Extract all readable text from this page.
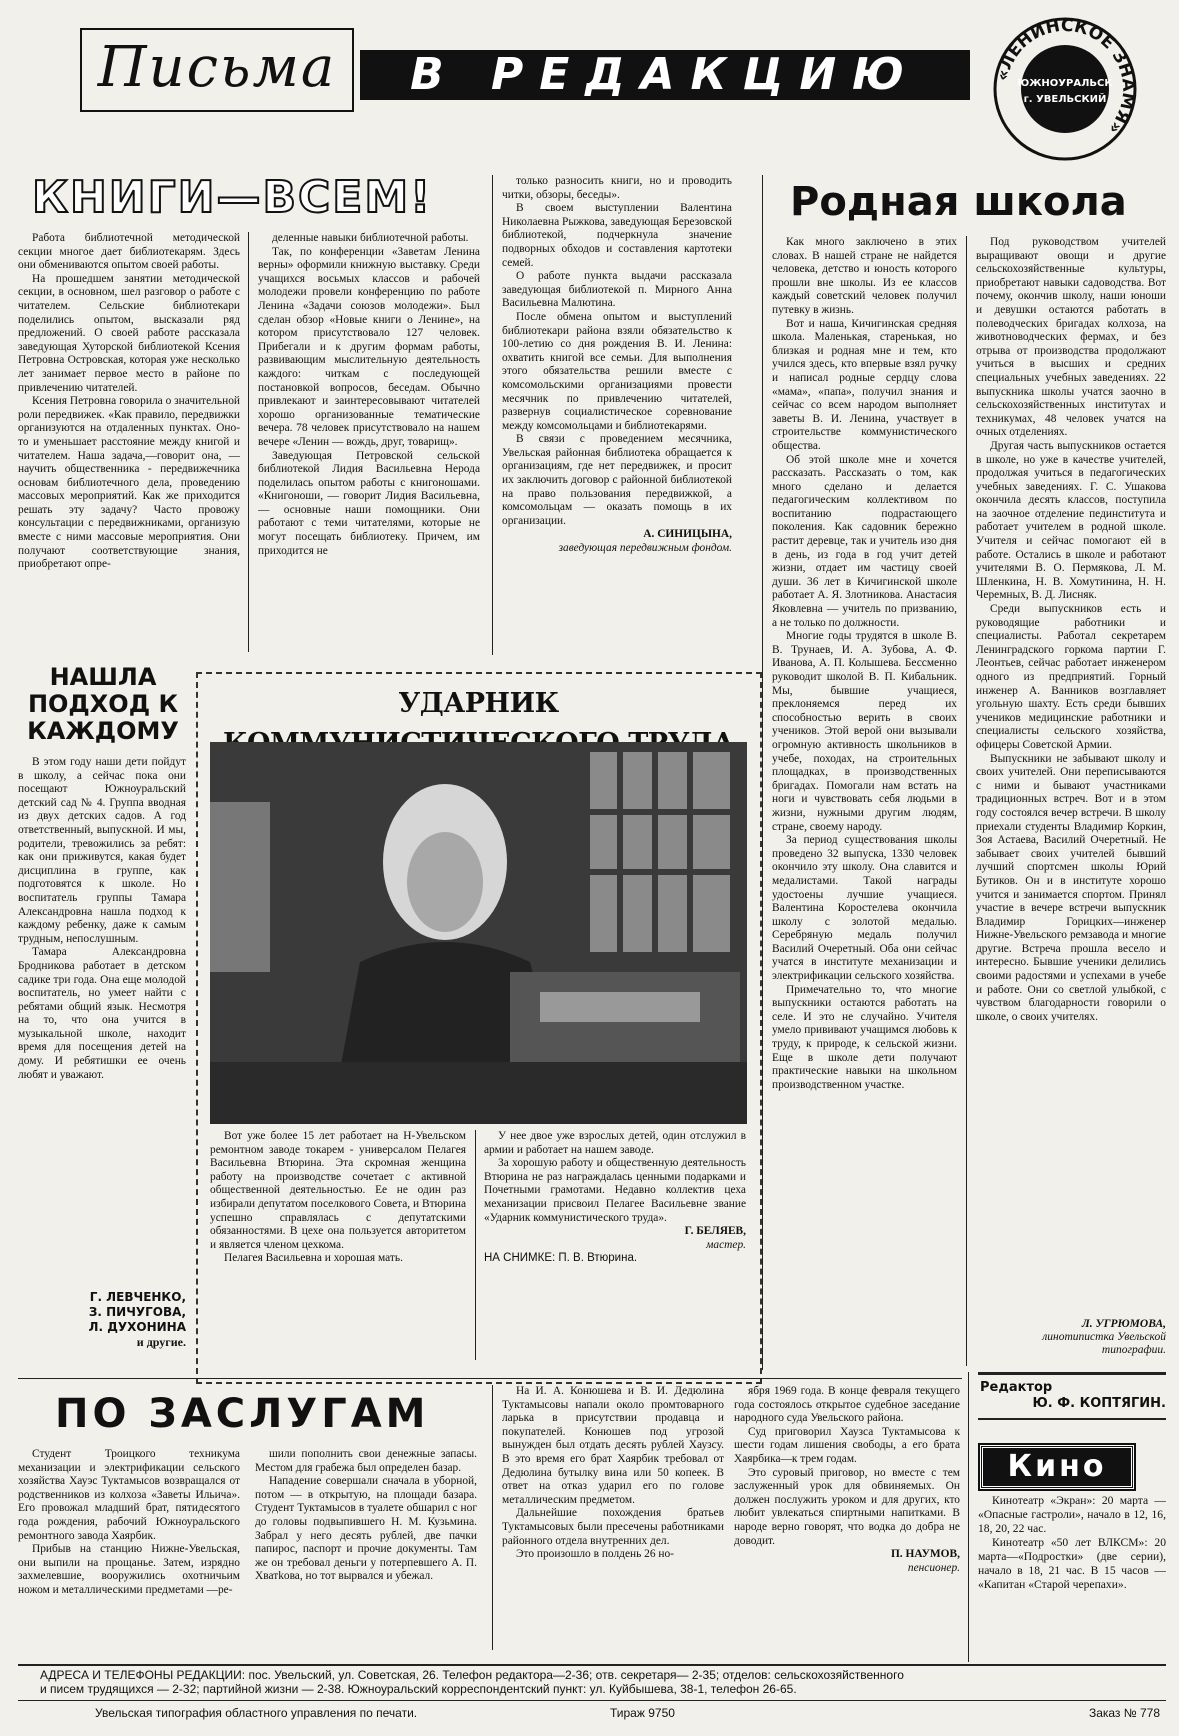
Письма	В РЕДАКЦИЮ	«ЛЕНИНСКОЕ ЗНАМЯ»
ЮЖНОУРАЛЬСК
г. УВЕЛЬСКИЙ
КНИГИ—ВСЕМ!

Работа библиотечной методической секции многое дает библиотекарям. Здесь они обмениваются опытом своей работы.

На прошедшем занятии методической секции, в основном, шел разговор о работе с читателем. Сельские библиотекари поделились опытом, высказали ряд предложений. О своей работе рассказала заведующая Хуторской библиотекой Ксения Петровна Островская, которая уже несколько лет занимает первое место в районе по привлечению читателей.

Ксения Петровна говорила о значительной роли передвижек. «Как правило, передвижки организуются на отдаленных пунктах. Оно-то и уменьшает расстояние между книгой и читателем. Наша задача,—говорит она, — научить общественника - передвижечника основам библиотечного дела, проведению массовых мероприятий. Как же приходится решать эту задачу? Часто провожу консультации с передвижниками, организую вместе с ними массовые мероприятия. Они получают соответствующие знания, приобретают опре-

деленные навыки библиотечной работы.

Так, по конференции «Заветам Ленина верны» оформили книжную выставку. Среди учащихся восьмых классов и рабочей молодежи провели конференцию по работе Ленина «Задачи союзов молодежи». Был сделан обзор «Новые книги о Ленине», на котором присутствовало 127 человек. Прибегали и к другим формам работы, развивающим мыслительную деятельность каждого: читкам с последующей постановкой вопросов, беседам. Обычно привлекают и заинтересовывают читателей хорошо организованные тематические вечера. 78 человек присутствовало на нашем вечере «Ленин — вождь, друг, товарищ».

Заведующая Петровской сельской библиотекой Лидия Васильевна Нерода поделилась опытом работы с книгоношами. «Книгоноши, — говорит Лидия Васильевна, — основные наши помощники. Они работают с теми читателями, которые не могут посещать библиотеку. Причем, им приходится не

только разносить книги, но и проводить читки, обзоры, беседы».

В своем выступлении Валентина Николаевна Рыжкова, заведующая Березовской библиотекой, подчеркнула значение подворных обходов и составления картотеки семей.

О работе пункта выдачи рассказала заведующая библиотекой п. Мирного Анна Васильевна Малютина.

После обмена опытом и выступлений библиотекари района взяли обязательство к 100-летию со дня рождения В. И. Ленина: охватить книгой все семьи. Для выполнения этого обязательства решили вместе с комсомольскими организациями провести месячник по привлечению читателей, развернув социалистическое соревнование между комсомольцами и библиотекарями.

В связи с проведением месячника, Увельская районная библиотека обращается к организациям, где нет передвижек, и просит их заключить договор с районной библиотекой на право пользования передвижкой, а комсомольцам — оказать помощь в их организации.

А. СИНИЦЫНА,

заведующая передвижным фондом.

НАШЛА ПОДХОД К КАЖДОМУ

В этом году наши дети пойдут в школу, а сейчас пока они посещают Южноуральский детский сад № 4. Группа вводная из двух детских садов. А год ответственный, выпускной. И мы, родители, тревожились за ребят: как они приживутся, какая будет дисциплина в группе, как подготовятся к школе. Но воспитатель группы Тамара Александровна нашла подход к каждому ребенку, даже к самым трудным, непослушным.

Тамара Александровна Бродникова работает в детском садике три года. Она еще молодой воспитатель, но умеет найти с ребятами общий язык. Несмотря на то, что она учится в музыкальной школе, находит время для посещения детей на дому. И ребятишки ее очень любят и уважают.

Г. ЛЕВЧЕНКО,
З. ПИЧУГОВА,
Л. ДУХОНИНА
и другие.
УДАРНИК

Вот уже более 15 лет работает на Н-Увельском ремонтном заводе токарем - универсалом Пелагея Васильевна Втюрина. Эта скромная женщина работу на производстве сочетает с активной общественной деятельностью. Ее не один раз избирали депутатом поселкового Совета, и Втюрина успешно справлялась с депутатскими обязанностями. В цехе она пользуется авторитетом и является членом цехкома.

Пелагея Васильевна и хорошая мать.

У нее двое уже взрослых детей, один отслужил в армии и работает на нашем заводе.

За хорошую работу и общественную деятельность Втюрина не раз награждалась ценными подарками и Почетными грамотами. Недавно коллектив цеха механизации присвоил Пелагее Васильевне звание «Ударник коммунистического труда».

Г. БЕЛЯЕВ,

мастер.

НА СНИМКЕ: П. В. Втюрина.

Родная школа

Как много заключено в этих словах. В нашей стране не найдется человека, детство и юность которого прошли вне школы. Из ее классов каждый советский человек получил путевку в жизнь.

Вот и наша, Кичигинская средняя школа. Маленькая, старенькая, но близкая и родная мне и тем, кто учился здесь, кто впервые взял ручку и написал родные сердцу слова «мама», «папа», получил знания и сейчас со всем народом выполняет заветы В. И. Ленина, участвует в строительстве коммунистического общества.

Об этой школе мне и хочется рассказать. Рассказать о том, как много сделано и делается педагогическим коллективом по воспитанию подрастающего поколения. Как садовник бережно растит деревце, так и учитель изо дня в день, из года в год учит детей жизни, отдает им частицу своей души. 36 лет в Кичигинской школе работает А. Я. Злотникова. Анастасия Яковлевна — учитель по призванию, а не только по должности.

Многие годы трудятся в школе В. В. Трунаев, И. А. Зубова, А. Ф. Иванова, А. П. Колышева. Бессменно руководит школой В. П. Кибальник. Мы, бывшие учащиеся, преклоняемся перед их способностью верить в своих учеников. Этой верой они вызывали огромную активность школьников в учебе, походах, на строительных площадках, в производственных бригадах. Помогали нам встать на ноги и чувствовать себя людьми в жизни, нужными другим людям, стране, своему народу.

За период существования школы проведено 32 выпуска, 1330 человек окончило эту школу. Она славится и медалистами. Такой награды удостоены лучшие учащиеся. Валентина Коростелева окончила школу с золотой медалью. Серебряную медаль получил Василий Очеретный. Оба они сейчас учатся в институте механизации и электрификации сельского хозяйства.

Примечательно то, что многие выпускники остаются работать на селе. И это не случайно. Учителя умело прививают учащимся любовь к труду, к природе, к сельской жизни. Еще в школе дети получают практические навыки на школьном производственном участке.

Под руководством учителей выращивают овощи и другие сельскохозяйственные культуры, приобретают навыки садоводства. Вот почему, окончив школу, наши юноши и девушки остаются работать в полеводческих бригадах колхоза, на животноводческих фермах, и без отрыва от производства продолжают учиться в высших и средних специальных учебных заведениях. 22 выпускника школы учатся заочно в сельскохозяйственных институтах и техникумах, 48 человек учатся на очных отделениях.

Другая часть выпускников остается в школе, но уже в качестве учителей, продолжая учиться в педагогических учебных заведениях. Г. С. Ушакова окончила десять классов, поступила на заочное отделение пединститута и работает учителем в родной школе. Учителя и сейчас помогают ей в работе. Остались в школе и работают учителями В. О. Пермякова, Л. М. Шленкина, Н. В. Хомутинина, Н. Н. Черемных, В. Д. Лисняк.

Среди выпускников есть и руководящие работники и специалисты. Работал секретарем Ленинградского горкома партии Г. Леонтьев, сейчас работает инженером одного из предприятий. Горный инженер А. Ванников возглавляет угольную шахту. Есть среди бывших учеников медицинские работники и специалисты сельского хозяйства, офицеры Советской Армии.

Выпускники не забывают школу и своих учителей. Они переписываются с ними и бывают участниками традиционных встреч. Вот и в этом году состоялся вечер встречи. В школу приехали студенты Владимир Коркин, Зоя Астаева, Василий Очеретный. Не забывает своих учителей бывший лучший спортсмен школы Юрий Бутиков. Он и в институте хорошо учится и занимается спортом. Принял участие в вечере встречи выпускник Владимир Горицких—инженер Нижне-Увельского ремзавода и многие другие. Встреча прошла весело и интересно. Бывшие ученики делились своими радостями и успехами в учебе и работе. Они со светлой улыбкой, с чувством благодарности говорили о школе, о своих учителях.

Л. УГРЮМОВА,
линотипистка Увельской типографии.
ПО ЗАСЛУГАМ

Студент Троицкого техникума механизации и электрификации сельского хозяйства Хауэс Туктамысов возвращался от родственников из колхоза «Заветы Ильича». Его провожал младший брат, пятидесятого года рождения, рабочий Южноуральского ремонтного завода Хаярбик.

Прибыв на станцию Нижне-Увельская, они выпили на прощанье. Затем, изрядно захмелевшие, вооружились охотничьим ножом и металлическими предметами —ре-

шили пополнить свои денежные запасы. Местом для грабежа был определен базар.

Нападение совершали сначала в уборной, потом — в открытую, на площади базара. Студент Туктамысов в туалете обшарил с ног до головы подвыпившего Н. М. Кузьмина. Забрал у него десять рублей, две пачки папирос, паспорт и прочие документы. Там же он требовал деньги у потерпевшего А. П. Хватkова, но тот вырвался и убежал.

На И. А. Конюшева и В. И. Дедюлина Туктамысовы напали около промтоварного ларька в присутствии продавца и покупателей. Конюшев под угрозой вынужден был отдать десять рублей Хаузсу. В это время его брат Хаярбик требовал от Дедюлина бутылку вина или 50 копеек. В ответ на отказ ударил его по голове металлическим предметом.

Дальнейшие похождения братьев Туктамысовых были пресечены работниками районного отдела внутренних дел.

Это произошло в полдень 26 но-

ября 1969 года. В конце февраля текущего года состоялось открытое судебное заседание народного суда Увельского района.

Суд приговорил Хаузса Туктамысова к шести годам лишения свободы, а его брата Хаярбика—к трем годам.

Это суровый приговор, но вместе с тем заслуженный урок для обвиняемых. Он должен послужить уроком и для других, кто любит увлекаться спиртными напитками. В народе верно говорят, что водка до добра не доводит.

П. НАУМОВ,

пенсионер.

Редактор
Ю. Ф. КОПТЯГИН.
Кино

Кинотеатр «Экран»: 20 марта — «Опасные гастроли», начало в 12, 16, 18, 20, 22 час.

Кинотеатр «50 лет ВЛКСМ»: 20 марта—«Подростки» (две серии), начало в 18, 21 час. В 15 часов — «Капитан «Старой черепахи».

АДРЕСА И ТЕЛЕФОНЫ РЕДАКЦИИ: пос. Увельский, ул. Советская, 26. Телефон редактора—2-36; отв. секретаря— 2-35; отделов: сельскохозяйственного
и писем трудящихся — 2-32; партийной жизни — 2-38. Южноуральский корреспондентский пункт: ул. Куйбышева, 38-1, телефон 26-65.
Увельская типография областного управления по печати.	Тираж 9750	Заказ № 778
